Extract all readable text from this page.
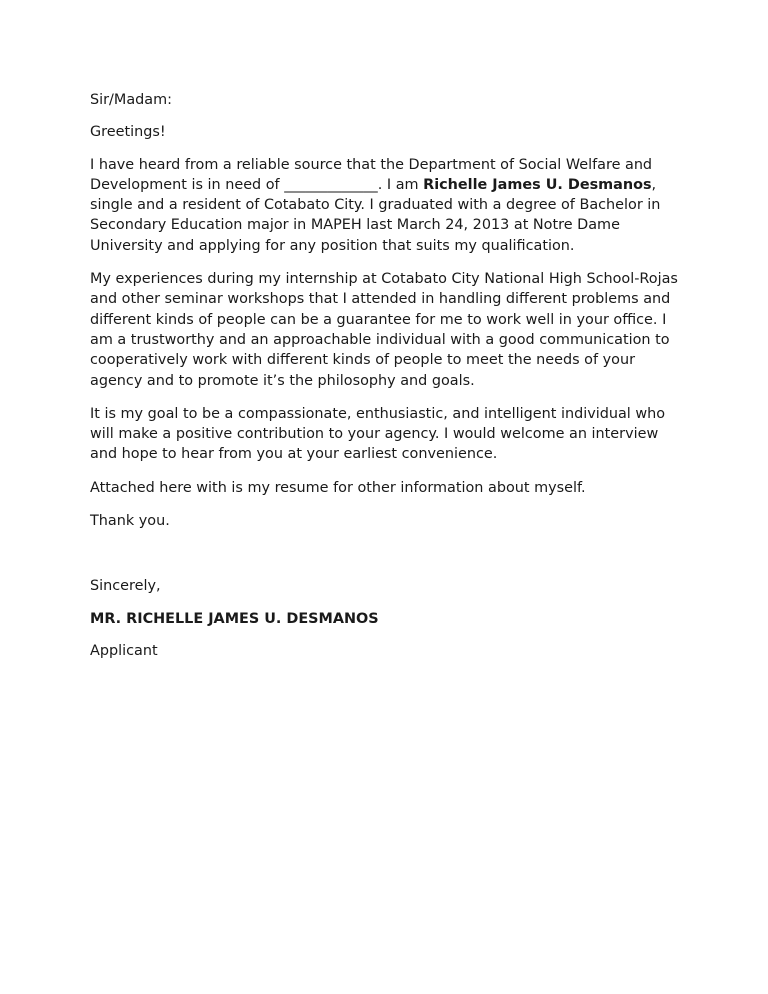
Sir/Madam:

Greetings!

I have heard from a reliable source that the Department of Social Welfare and Development is in need of _____________. I am Richelle James U. Desmanos, single and a resident of Cotabato City. I graduated with a degree of Bachelor in Secondary Education major in MAPEH last March 24, 2013 at Notre Dame University and applying for any position that suits my qualification.

My experiences during my internship at Cotabato City National High School-Rojas and other seminar workshops that I attended in handling different problems and different kinds of people can be a guarantee for me to work well in your office. I am a trustworthy and an approachable individual with a good communication to cooperatively work with different kinds of people to meet the needs of your agency and to promote it’s the philosophy and goals.

It is my goal to be a compassionate, enthusiastic, and intelligent individual who will make a positive contribution to your agency. I would welcome an interview and hope to hear from you at your earliest convenience.

Attached here with is my resume for other information about myself.

Thank you.

Sincerely,

MR. RICHELLE JAMES U. DESMANOS

Applicant
